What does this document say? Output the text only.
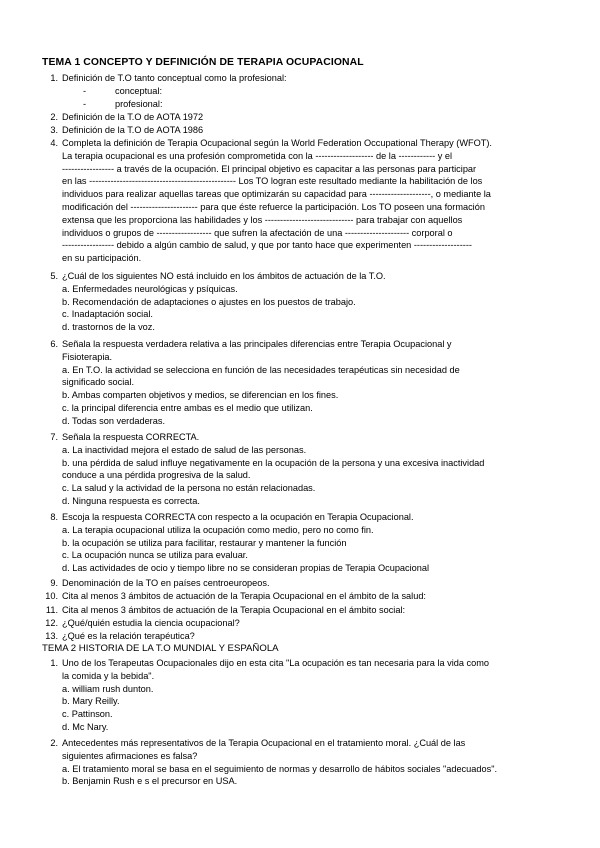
TEMA 1 CONCEPTO Y DEFINICIÓN DE TERAPIA OCUPACIONAL
1. Definición de T.O tanto conceptual como la profesional:
-	conceptual:
-	profesional:
2. Definición de la T.O de AOTA 1972
3. Definición de la T.O de AOTA 1986
4. Completa la definición de Terapia Ocupacional según la World Federation Occupational Therapy (WFOT).
La terapia ocupacional es una profesión comprometida con la ------------------- de la ------------ y el
----------------- a través de la ocupación. El principal objetivo es capacitar a las personas para participar
en las ------------------------------------------------ Los TO logran este resultado mediante la habilitación de los
individuos para realizar aquellas tareas que optimizarán su capacidad para --------------------, o mediante la
modificación del ---------------------- para que éste refuerce la participación. Los TO poseen una formación
extensa que les proporciona las habilidades y los ----------------------------- para trabajar con aquellos
individuos o grupos de ------------------ que sufren la afectación de una --------------------- corporal o
----------------- debido a algún cambio de salud, y que por tanto hace que experimenten -------------------
en su participación.
5. ¿Cuál de los siguientes NO está incluido en los ámbitos de actuación de la T.O.
a. Enfermedades neurológicas y psíquicas.
b. Recomendación de adaptaciones o ajustes en los puestos de trabajo.
c. Inadaptación social.
d. trastornos de la voz.
6. Señala la respuesta verdadera relativa a las principales diferencias entre Terapia Ocupacional y
Fisioterapia.
a. En T.O. la actividad se selecciona en función de las necesidades terapéuticas sin necesidad de
significado social.
b. Ambas comparten objetivos y medios, se diferencian en los fines.
c. la principal diferencia entre ambas es el medio que utilizan.
d. Todas son verdaderas.
7. Señala la respuesta CORRECTA.
a. La inactividad mejora el estado de salud de las personas.
b. una pérdida de salud influye negativamente en la ocupación de la persona y una excesiva inactividad
conduce a una pérdida progresiva de la salud.
c. La salud y la actividad de la persona no están relacionadas.
d. Ninguna respuesta es correcta.
8. Escoja la respuesta CORRECTA con respecto a la ocupación en Terapia Ocupacional.
a. La terapia ocupacional utiliza la ocupación como medio, pero no como fin.
b. la ocupación se utiliza para facilitar, restaurar y mantener la función
c. La ocupación nunca se utiliza para evaluar.
d. Las actividades de ocio y tiempo libre no se consideran propias de Terapia Ocupacional
9. Denominación de la TO en países centroeuropeos.
10. Cita al menos 3 ámbitos de actuación de la Terapia Ocupacional en el ámbito de la salud:
11. Cita al menos 3 ámbitos de actuación de la Terapia Ocupacional en el ámbito social:
12. ¿Qué/quién estudia la ciencia ocupacional?
13. ¿Qué es la relación terapéutica?
TEMA 2 HISTORIA DE LA T.O MUNDIAL Y ESPAÑOLA
1. Uno de los Terapeutas Ocupacionales dijo en esta cita "La ocupación es tan necesaria para la vida como
la comida y la bebida".
a. william rush dunton.
b. Mary Reilly.
c. Pattinson.
d. Mc Nary.
2. Antecedentes más representativos de la Terapia Ocupacional en el tratamiento moral. ¿Cuál de las
siguientes afirmaciones es falsa?
a. El tratamiento moral se basa en el seguimiento de normas y desarrollo de hábitos sociales "adecuados".
b. Benjamin Rush e s el precursor en USA.
